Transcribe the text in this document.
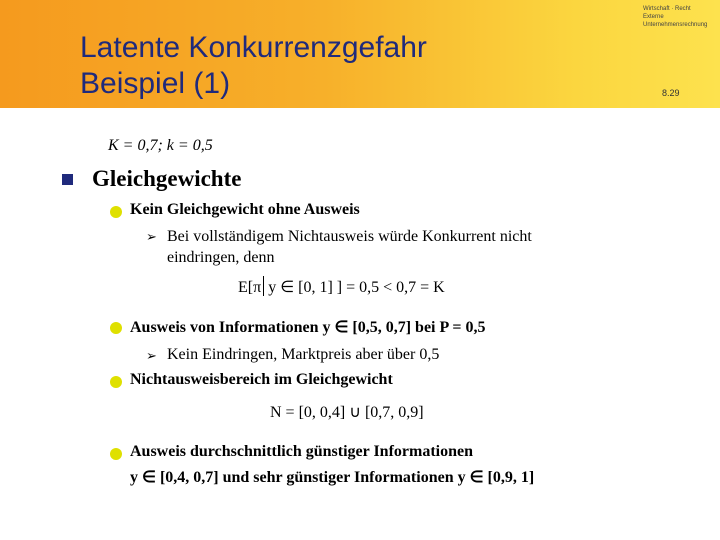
Latente Konkurrenzgefahr
Beispiel (1)
Wirtschaft · Recht
Externe
Unternehmensrechnung
8.29
K = 0,7; k = 0,5
Gleichgewichte
Kein Gleichgewicht ohne Ausweis
➢ Bei vollständigem Nichtausweis würde Konkurrent nicht
eindringen, denn
E[π y ∈ [0, 1] ] = 0,5 < 0,7 = K
Ausweis von Informationen y ∈ [0,5, 0,7] bei P = 0,5
➢ Kein Eindringen, Marktpreis aber über 0,5
Nichtausweisbereich im Gleichgewicht
N = [0, 0,4] ∪ [0,7, 0,9]
Ausweis durchschnittlich günstiger Informationen
y ∈ [0,4, 0,7] und sehr günstiger Informationen y ∈ [0,9, 1]
